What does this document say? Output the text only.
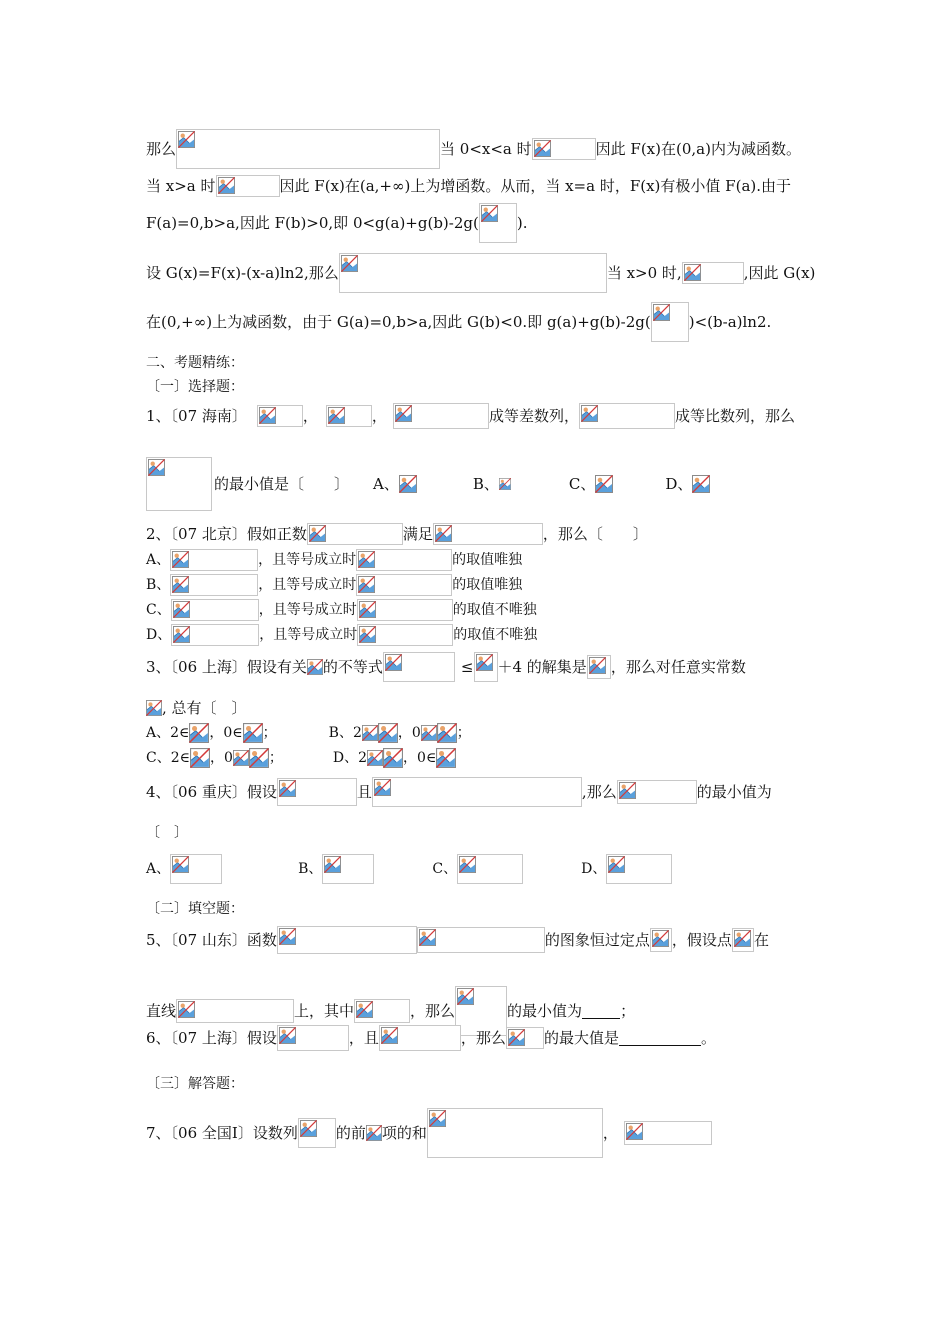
那么	当 0<x<a 时	因此 F(x)在(0,a)内为减函数。
当 x>a 时	因此 F(x)在(a,+∞)上为增函数。从而，当 x=a 时，F(x)有极小值 F(a).由于
F(a)=0,b>a,因此 F(b)>0,即 0<g(a)+g(b)-2g(	).
设 G(x)=F(x)-(x-a)ln2,那么	当 x>0 时,	,因此 G(x)
在(0,+∞)上为减函数，由于 G(a)=0,b>a,因此 G(b)<0.即 g(a)+g(b)-2g(	)<(b-a)ln2.
二、考题精练：
〔一〕选择题：
1、〔07 海南〕	，	，	成等差数列，	成等比数列，那么
的最小值是〔　　〕 A、	B、	C、	D、
2、〔07 北京〕假如正数	满足	，那么〔　　〕
A、	，且等号成立时	的取值唯独
B、	，且等号成立时	的取值唯独
C、	，且等号成立时	的取值不唯独
D、	，且等号成立时	的取值不唯独
3、〔06 上海〕假设有关 的不等式	≤ ＋4 的解集是 ，那么对任意实常数
, 总有〔　〕
A、2∈ ，0∈ ；	B、2	，0	；
C、2∈ ，0	；	D、2	，0∈
4、〔06 重庆〕假设	且	,那么	的最小值为
〔　〕
A、	B、	C、	D、
〔二〕填空题：
5、〔07 山东〕函数	的图象恒过定点 ，假设点 在
直线	上，其中	，那么	的最小值为	；
6、〔07 上海〕假设	，且	，那么	的最大值是	。
〔三〕解答题：
7、〔06 全国Ⅰ〕设数列	的前 项的和	，
